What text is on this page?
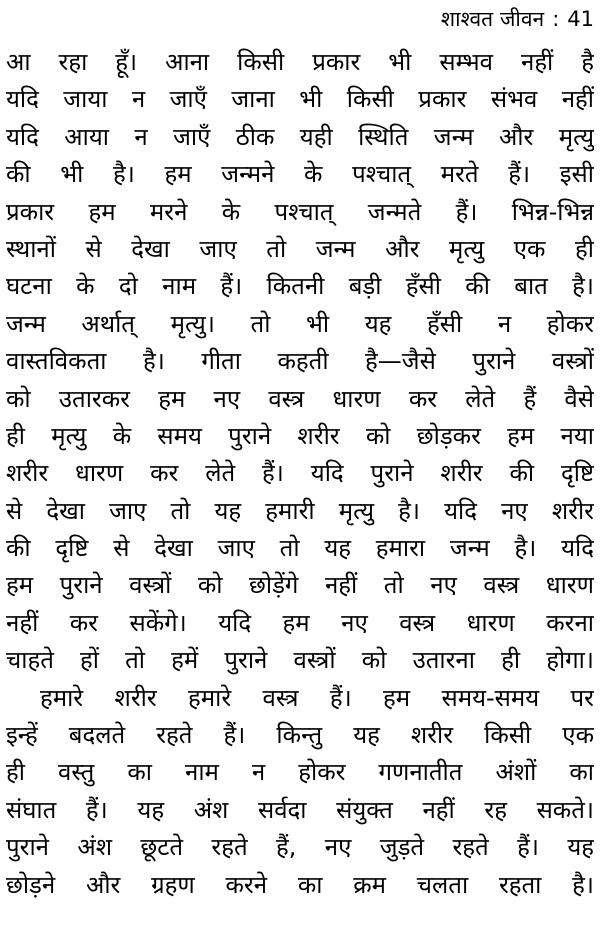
शाश्वत जीवन : 41
आ रहा हूँ। आना किसी प्रकार भी सम्भव नहीं है
यदि जाया न जाएँ जाना भी किसी प्रकार संभव नहीं
यदि आया न जाएँ ठीक यही स्थिति जन्म और मृत्यु
की भी है। हम जन्मने के पश्चात् मरते हैं। इसी
प्रकार हम मरने के पश्चात् जन्मते हैं। भिन्न-भिन्न
स्थानों से देखा जाए तो जन्म और मृत्यु एक ही
घटना के दो नाम हैं। कितनी बड़ी हँसी की बात है।
जन्म अर्थात् मृत्यु। तो भी यह हँसी न होकर
वास्तविकता है। गीता कहती है—जैसे पुराने वस्त्रों
को उतारकर हम नए वस्त्र धारण कर लेते हैं वैसे
ही मृत्यु के समय पुराने शरीर को छोड़कर हम नया
शरीर धारण कर लेते हैं। यदि पुराने शरीर की दृष्टि
से देखा जाए तो यह हमारी मृत्यु है। यदि नए शरीर
की दृष्टि से देखा जाए तो यह हमारा जन्म है। यदि
हम पुराने वस्त्रों को छोड़ेंगे नहीं तो नए वस्त्र धारण
नहीं कर सकेंगे। यदि हम नए वस्त्र धारण करना
चाहते हों तो हमें पुराने वस्त्रों को उतारना ही होगा।
हमारे शरीर हमारे वस्त्र हैं। हम समय-समय पर
इन्हें बदलते रहते हैं। किन्तु यह शरीर किसी एक
ही वस्तु का नाम न होकर गणनातीत अंशों का
संघात हैं। यह अंश सर्वदा संयुक्त नहीं रह सकते।
पुराने अंश छूटते रहते हैं, नए जुड़ते रहते हैं। यह
छोड़ने और ग्रहण करने का क्रम चलता रहता है।
